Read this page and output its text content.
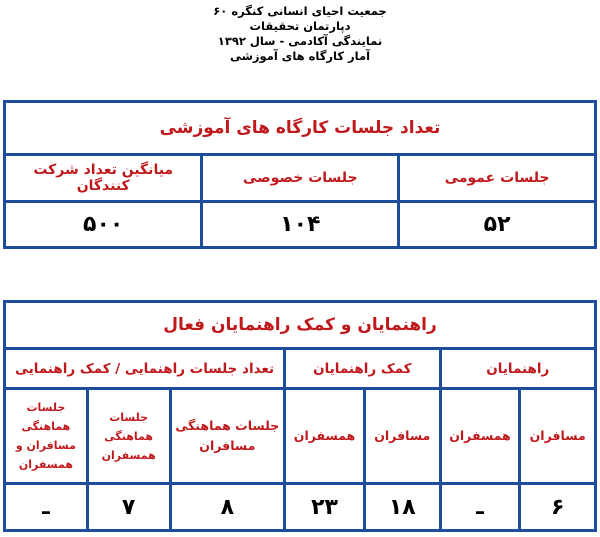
جمعیت احیای انسانی کنگره ۶۰
دپارتمان تحقیقات
نمایندگی آکادمی - سال ۱۳۹۲
آمار کارگاه های آموزشی
تعداد جلسات کارگاه های آموزشی		
جلسات عمومی	جلسات خصوصی	میانگین تعداد شرکت کنندگان
۵۲	۱۰۴	۵۰۰
راهنمایان و کمک راهنمایان فعال						
راهنمایان		کمک راهنمایان		تعداد جلسات راهنمایی / کمک راهنمایی		
مسافران	همسفران	مسافران	همسفران	جلسات هماهنگی مسافران	جلسات هماهنگی همسفران	جلسات هماهنگی مسافران و همسفران
۶	ـ	۱۸	۲۳	۸	۷	ـ
